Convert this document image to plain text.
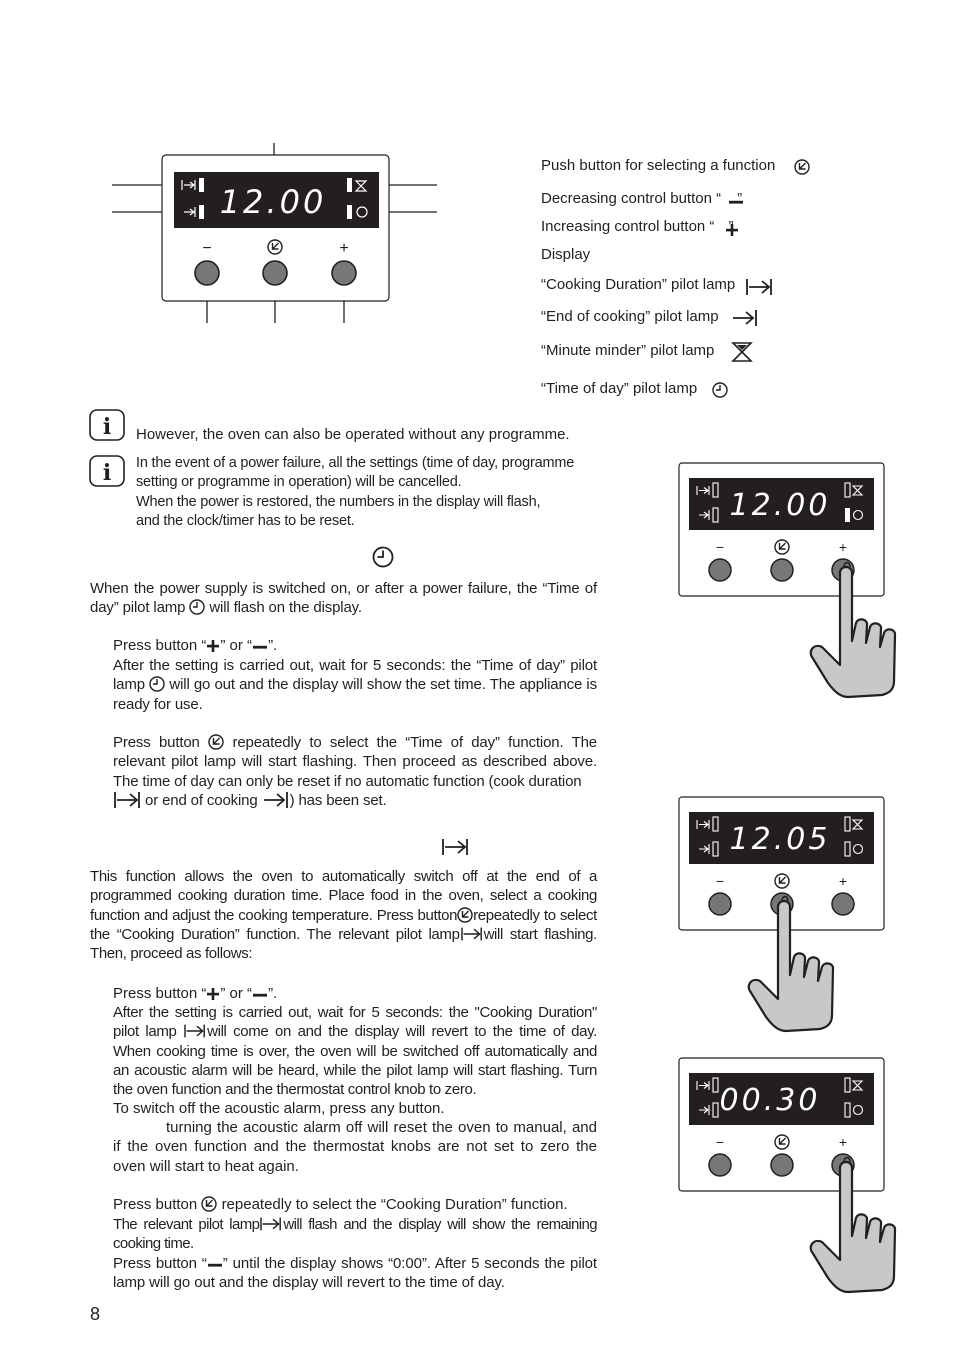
12.00
−	+
Push button for selecting a function
Decreasing control button “ ”
Increasing control button “ ”
Display
“Cooking Duration” pilot lamp
“End of cooking” pilot lamp
“Minute minder” pilot lamp
“Time of day” pilot lamp
i
i
However, the oven can also be operated without any programme.
In the event of a power failure, all the settings (time of day, programme
setting or programme in operation) will be cancelled.
When the power is restored, the numbers in the display will flash,
and the clock/timer has to be reset.
When the power supply is switched on, or after a power failure, the “Time of day” pilot lamp will flash on the display.
Press button “ ” or “ ”.
After the setting is carried out, wait for 5 seconds: the “Time of day” pilot lamp will go out and the display will show the set time. The appliance is ready for use.
Press button repeatedly to select the “Time of day” function. The relevant pilot lamp will start flashing. Then proceed as described above. The time of day can only be reset if no automatic function (cook duration
or end of cooking ) has been set.
This function allows the oven to automatically switch off at the end of a programmed cooking duration time. Place food in the oven, select a cooking function and adjust the cooking temperature. Press button repeatedly to select the “Cooking Duration” function. The relevant pilot lamp will start flashing. Then, proceed as follows:
Press button “ ” or “ ”.
After the setting is carried out, wait for 5 seconds: the "Cooking Duration" pilot lamp will come on and the display will revert to the time of day. When cooking time is over, the oven will be switched off automatically and an acoustic alarm will be heard, while the pilot lamp will start flashing. Turn the oven function and the thermostat control knob to zero.
To switch off the acoustic alarm, press any button.
turning the acoustic alarm off will reset the oven to manual, and if the oven function and the thermostat knobs are not set to zero the oven will start to heat again.
Press button repeatedly to select the “Cooking Duration” function.
The relevant pilot lamp will flash and the display will show the remaining cooking time.
Press button “ ” until the display shows “0:00”. After 5 seconds the pilot lamp will go out and the display will revert to the time of day.
8
12.00
−	+
12.05
−	+
00.30
−	+
